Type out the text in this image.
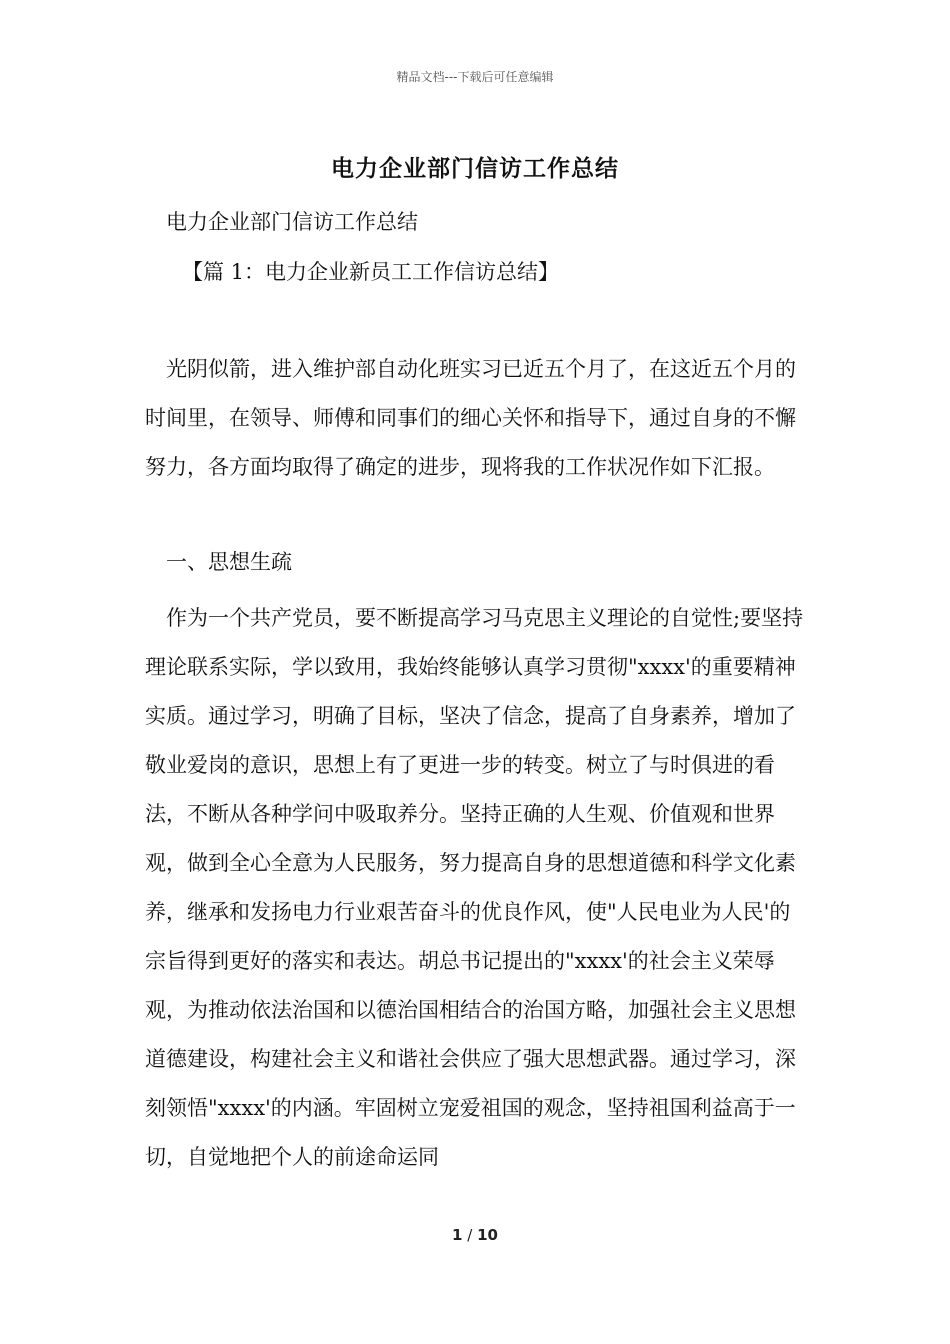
精品文档---下载后可任意编辑
电力企业部门信访工作总结
电力企业部门信访工作总结
【篇 1：电力企业新员工工作信访总结】

光阴似箭，进入维护部自动化班实习已近五个月了，在这近五个月的时间里，在领导、师傅和同事们的细心关怀和指导下，通过自身的不懈努力，各方面均取得了确定的进步，现将我的工作状况作如下汇报。

一、思想生疏

作为一个共产党员，要不断提高学习马克思主义理论的自觉性;要坚持理论联系实际，学以致用，我始终能够认真学习贯彻"xxxx'的重要精神实质。通过学习，明确了目标，坚决了信念，提高了自身素养，增加了敬业爱岗的意识，思想上有了更进一步的转变。树立了与时俱进的看法，不断从各种学问中吸取养分。坚持正确的人生观、价值观和世界观，做到全心全意为人民服务，努力提高自身的思想道德和科学文化素养，继承和发扬电力行业艰苦奋斗的优良作风，使"人民电业为人民'的宗旨得到更好的落实和表达。胡总书记提出的"xxxx'的社会主义荣辱观，为推动依法治国和以德治国相结合的治国方略，加强社会主义思想道德建设，构建社会主义和谐社会供应了强大思想武器。通过学习，深刻领悟"xxxx'的内涵。牢固树立宠爱祖国的观念，坚持祖国利益高于一切，自觉地把个人的前途命运同

1 / 10
